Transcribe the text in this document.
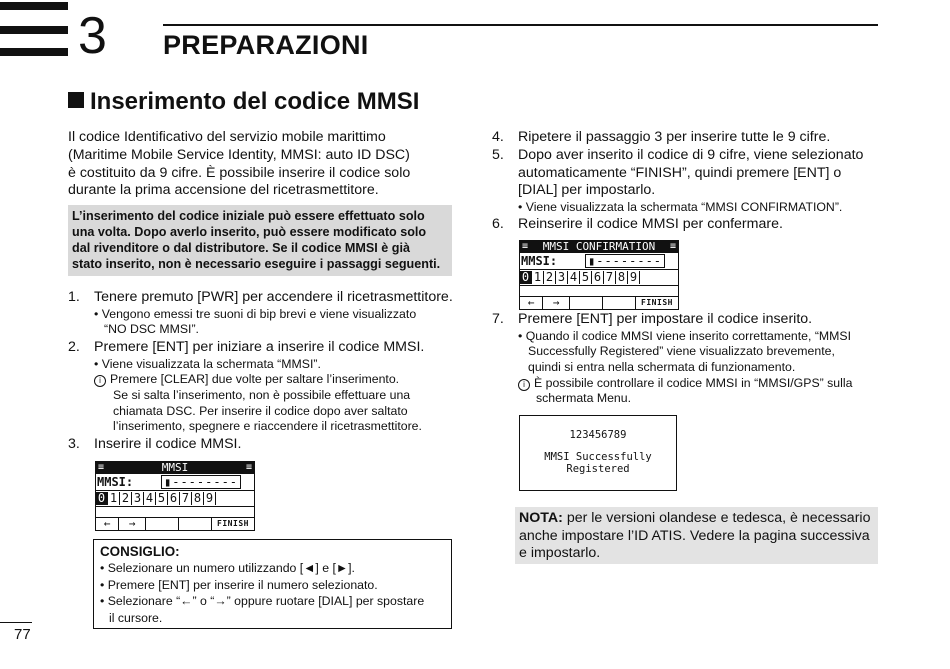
3 PREPARAZIONI
Inserimento del codice MMSI
Il codice Identificativo del servizio mobile marittimo
(Maritime Mobile Service Identity, MMSI: auto ID DSC)
è costituito da 9 cifre. È possibile inserire il codice solo
durante la prima accensione del ricetrasmettitore.
L’inserimento del codice iniziale può essere effettuato solo
una volta. Dopo averlo inserito, può essere modificato solo
dal rivenditore o dal distributore. Se il codice MMSI è già
stato inserito, non è necessario eseguire i passaggi seguenti.
1. Tenere premuto [PWR] per accendere il ricetrasmettitore.
• Vengono emessi tre suoni di bip brevi e viene visualizzato
“NO DSC MMSI”.
2. Premere [ENT] per iniziare a inserire il codice MMSI.
• Viene visualizzata la schermata “MMSI”.
i Premere [CLEAR] due volte per saltare l’inserimento.
Se si salta l’inserimento, non è possibile effettuare una
chiamata DSC. Per inserire il codice dopo aver saltato
l’inserimento, spegnere e riaccendere il ricetrasmettitore.
3. Inserire il codice MMSI.
≡	MMSI	≡
MMSI:	▮--------
0 1 2 3 4 5 6 7 8 9
←	→	FINISH
CONSIGLIO:
• Selezionare un numero utilizzando [◄] e [►].
• Premere [ENT] per inserire il numero selezionato.
• Selezionare “←” o “→” oppure ruotare [DIAL] per spostare
il cursore.
4. Ripetere il passaggio 3 per inserire tutte le 9 cifre.
5. Dopo aver inserito il codice di 9 cifre, viene selezionato
automaticamente “FINISH”, quindi premere [ENT] o
[DIAL] per impostarlo.
• Viene visualizzata la schermata “MMSI CONFIRMATION”.
6. Reinserire il codice MMSI per confermare.
≡ MMSI CONFIRMATION ≡
MMSI:	▮--------
0 1 2 3 4 5 6 7 8 9
←	→	FINISH
7. Premere [ENT] per impostare il codice inserito.
• Quando il codice MMSI viene inserito correttamente, “MMSI
Successfully Registered” viene visualizzato brevemente,
quindi si entra nella schermata di funzionamento.
i È possibile controllare il codice MMSI in “MMSI/GPS” sulla
schermata Menu.
123456789
MMSI Successfully
Registered
NOTA: per le versioni olandese e tedesca, è necessario
anche impostare l’ID ATIS. Vedere la pagina successiva
e impostarlo.
77
